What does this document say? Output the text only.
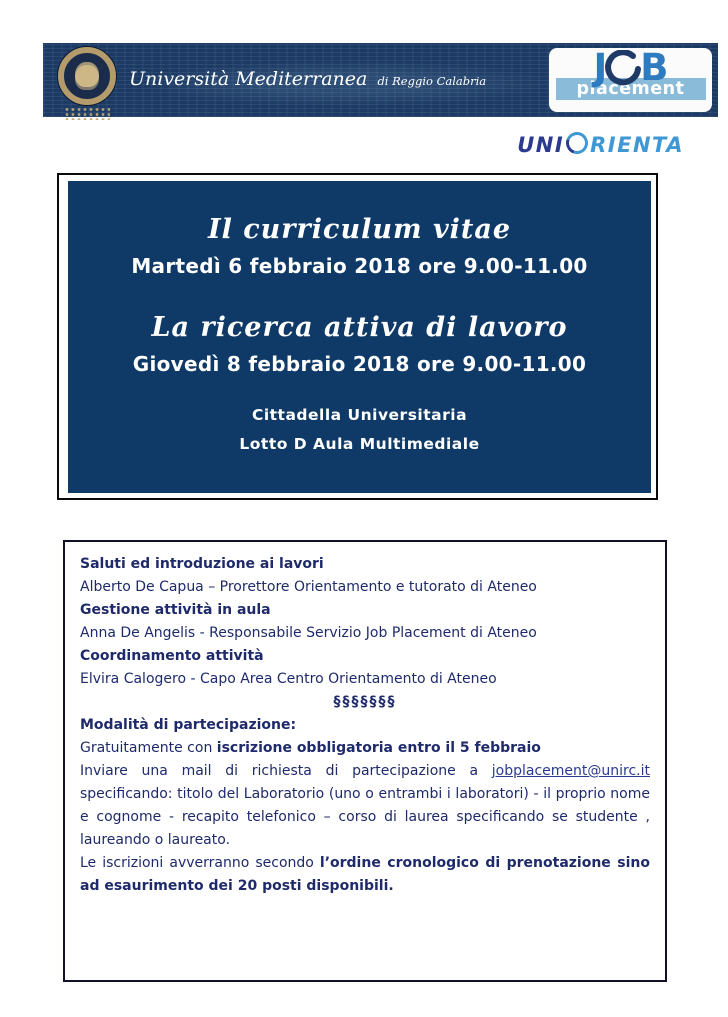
Università Mediterranea di Reggio Calabria	J B
placement
UNI RIENTA
Il curriculum vitae
Martedì 6 febbraio 2018 ore 9.00-11.00
La ricerca attiva di lavoro
Giovedì 8 febbraio 2018 ore 9.00-11.00
Cittadella Universitaria
Lotto D Aula Multimediale

Saluti ed introduzione ai lavori

Alberto De Capua – Prorettore Orientamento e tutorato di Ateneo

Gestione attività in aula

Anna De Angelis - Responsabile Servizio Job Placement di Ateneo

Coordinamento attività

Elvira Calogero - Capo Area Centro Orientamento di Ateneo

§§§§§§§

Modalità di partecipazione:

Gratuitamente con iscrizione obbligatoria entro il 5 febbraio

Inviare una mail di richiesta di partecipazione a jobplacement@unirc.it specificando: titolo del Laboratorio (uno o entrambi i laboratori) - il proprio nome e cognome - recapito telefonico – corso di laurea specificando se studente , laureando o laureato.

Le iscrizioni avverranno secondo l’ordine cronologico di prenotazione sino ad esaurimento dei 20 posti disponibili.
